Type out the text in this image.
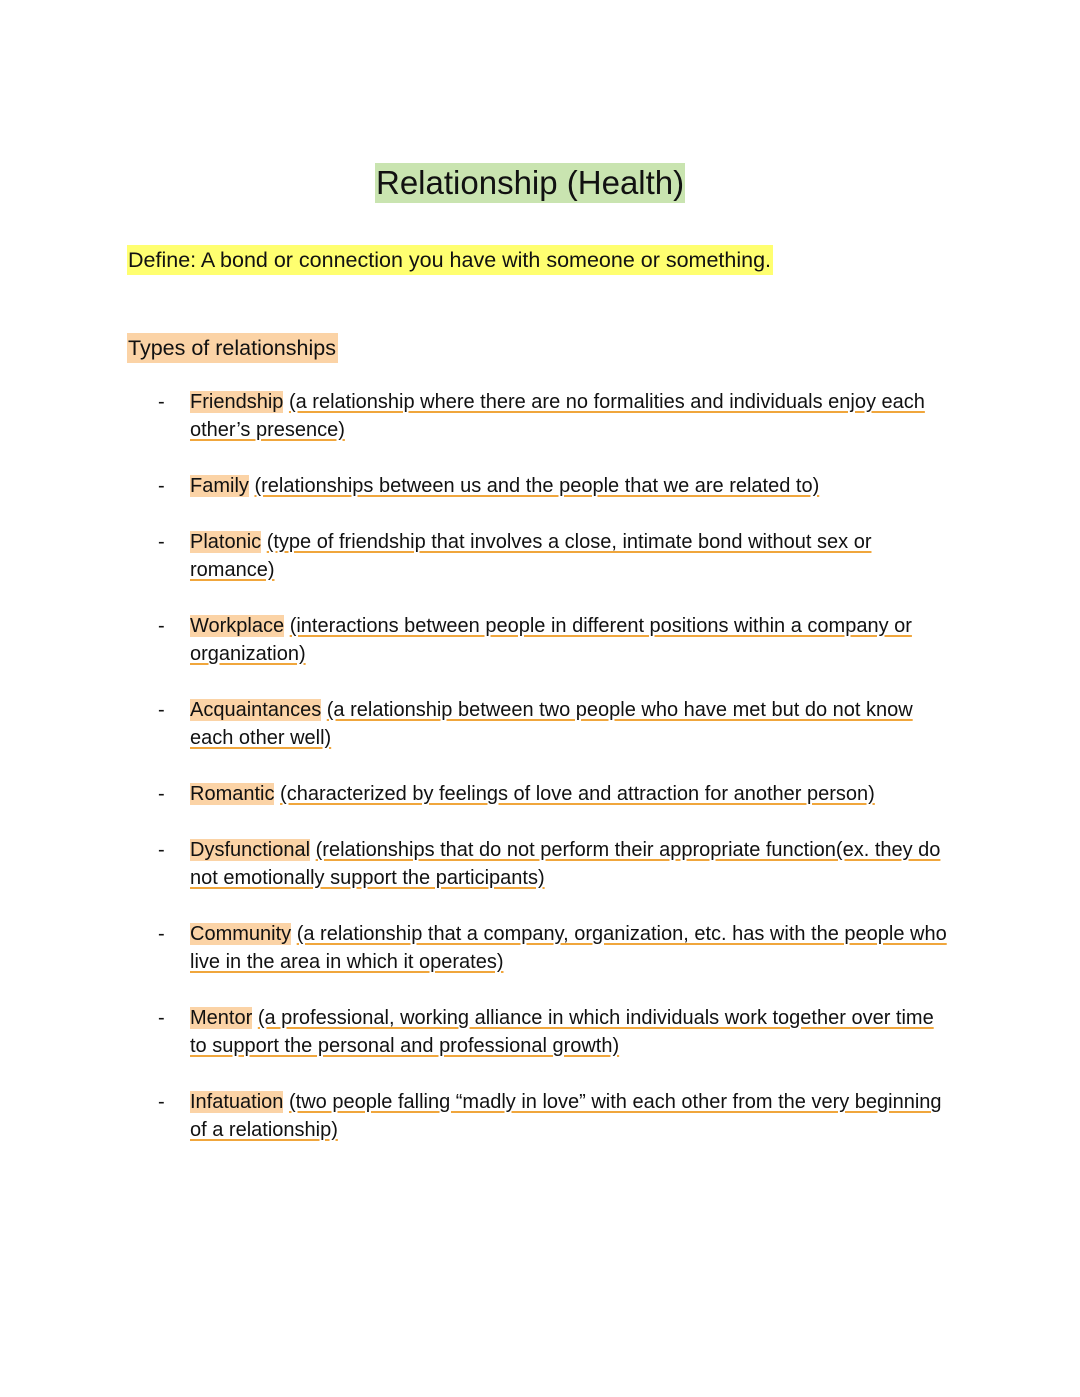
Relationship (Health)
Define: A bond or connection you have with someone or something.
Types of relationships
- Friendship (a relationship where there are no formalities and individuals enjoy each other’s presence)
- Family (relationships between us and the people that we are related to)
- Platonic (type of friendship that involves a close, intimate bond without sex or romance)
- Workplace (interactions between people in different positions within a company or organization)
- Acquaintances (a relationship between two people who have met but do not know each other well)
- Romantic (characterized by feelings of love and attraction for another person)
- Dysfunctional (relationships that do not perform their appropriate function(ex. they do not emotionally support the participants)
- Community (a relationship that a company, organization, etc. has with the people who live in the area in which it operates)
- Mentor (a professional, working alliance in which individuals work together over time to support the personal and professional growth)
- Infatuation (two people falling “madly in love” with each other from the very beginning of a relationship)
